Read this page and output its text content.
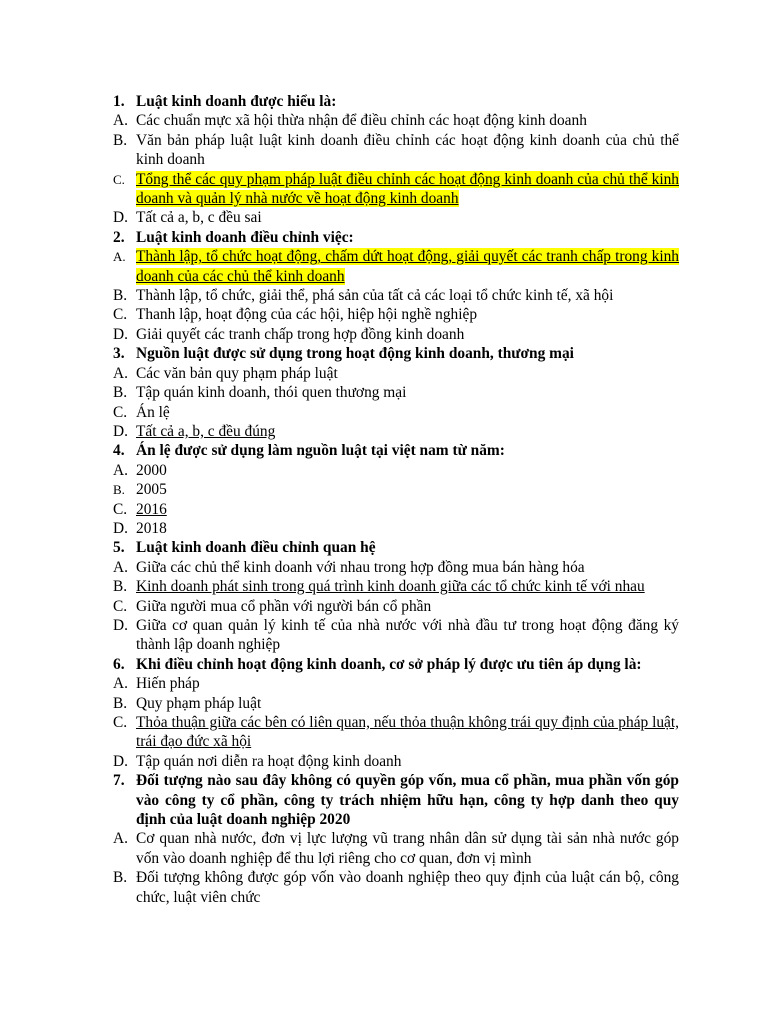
1. Luật kinh doanh được hiểu là:
A. Các chuẩn mực xã hội thừa nhận để điều chỉnh các hoạt động kinh doanh
B. Văn bản pháp luật luật kinh doanh điều chỉnh các hoạt động kinh doanh của chủ thể kinh doanh
C. Tổng thể các quy phạm pháp luật điều chỉnh các hoạt động kinh doanh của chủ thể kinh doanh và quản lý nhà nước về hoạt động kinh doanh
D. Tất cả a, b, c đều sai
2. Luật kinh doanh điều chỉnh việc:
A. Thành lập, tổ chức hoạt động, chấm dứt hoạt động, giải quyết các tranh chấp trong kinh doanh của các chủ thể kinh doanh
B. Thành lập, tổ chức, giải thể, phá sản của tất cả các loại tổ chức kinh tế, xã hội
C. Thanh lập, hoạt động của các hội, hiệp hội nghề nghiệp
D. Giải quyết các tranh chấp trong hợp đồng kinh doanh
3. Nguồn luật được sử dụng trong hoạt động kinh doanh, thương mại
A. Các văn bản quy phạm pháp luật
B. Tập quán kinh doanh, thói quen thương mại
C. Án lệ
D. Tất cả a, b, c đều đúng
4. Án lệ được sử dụng làm nguồn luật tại việt nam từ năm:
A. 2000
B. 2005
C. 2016
D. 2018
5. Luật kinh doanh điều chỉnh quan hệ
A. Giữa các chủ thể kinh doanh với nhau trong hợp đồng mua bán hàng hóa
B. Kinh doanh phát sinh trong quá trình kinh doanh giữa các tổ chức kinh tế với nhau
C. Giữa người mua cổ phần với người bán cổ phần
D. Giữa cơ quan quản lý kinh tế của nhà nước với nhà đầu tư trong hoạt động đăng ký thành lập doanh nghiệp
6. Khi điều chỉnh hoạt động kinh doanh, cơ sở pháp lý được ưu tiên áp dụng là:
A. Hiến pháp
B. Quy phạm pháp luật
C. Thỏa thuận giữa các bên có liên quan, nếu thỏa thuận không trái quy định của pháp luật, trái đạo đức xã hội
D. Tập quán nơi diễn ra hoạt động kinh doanh
7. Đối tượng nào sau đây không có quyền góp vốn, mua cổ phần, mua phần vốn góp vào công ty cổ phần, công ty trách nhiệm hữu hạn, công ty hợp danh theo quy định của luật doanh nghiệp 2020
A. Cơ quan nhà nước, đơn vị lực lượng vũ trang nhân dân sử dụng tài sản nhà nước góp vốn vào doanh nghiệp để thu lợi riêng cho cơ quan, đơn vị mình
B. Đối tượng không được góp vốn vào doanh nghiệp theo quy định của luật cán bộ, công chức, luật viên chức
